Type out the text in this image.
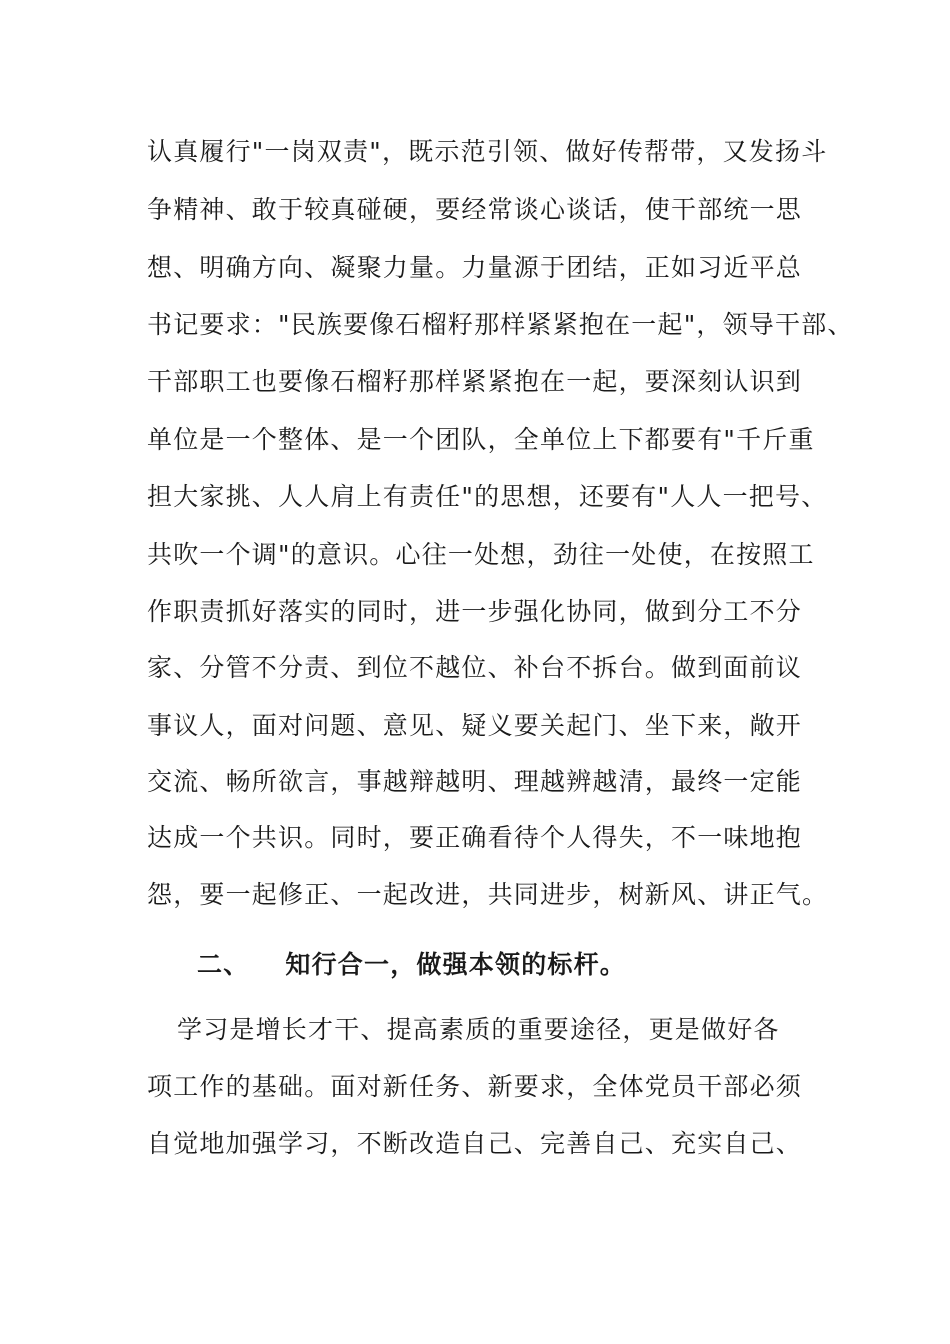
认真履行"一岗双责"，既示范引领、做好传帮带，又发扬斗
争精神、敢于较真碰硬，要经常谈心谈话，使干部统一思
想、明确方向、凝聚力量。力量源于团结，正如习近平总
书记要求："民族要像石榴籽那样紧紧抱在一起"，领导干部、
干部职工也要像石榴籽那样紧紧抱在一起，要深刻认识到
单位是一个整体、是一个团队，全单位上下都要有"千斤重
担大家挑、人人肩上有责任"的思想，还要有"人人一把号、
共吹一个调"的意识。心往一处想，劲往一处使，在按照工
作职责抓好落实的同时，进一步强化协同，做到分工不分
家、分管不分责、到位不越位、补台不拆台。做到面前议
事议人，面对问题、意见、疑义要关起门、坐下来，敞开
交流、畅所欲言，事越辩越明、理越辨越清，最终一定能
达成一个共识。同时，要正确看待个人得失，不一味地抱
怨，要一起修正、一起改进，共同进步，树新风、讲正气。
二、 知行合一，做强本领的标杆。
学习是增长才干、提高素质的重要途径，更是做好各
项工作的基础。面对新任务、新要求，全体党员干部必须
自觉地加强学习，不断改造自己、完善自己、充实自己、
